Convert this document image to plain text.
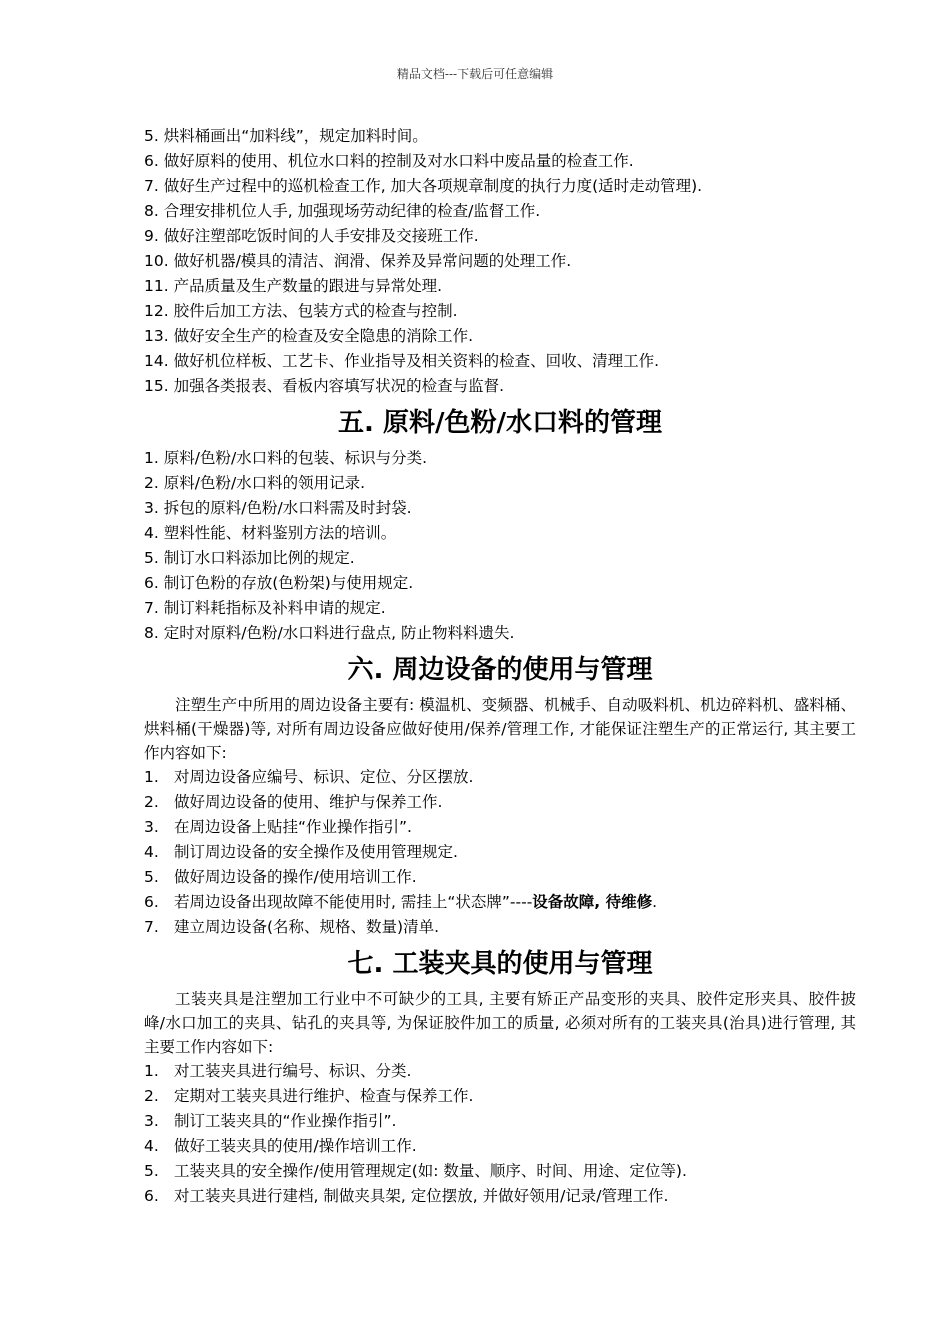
精品文档---下载后可任意编辑
5. 烘料桶画出“加料线”，规定加料时间。
6. 做好原料的使用、机位水口料的控制及对水口料中废品量的检查工作.
7. 做好生产过程中的巡机检查工作, 加大各项规章制度的执行力度(适时走动管理).
8. 合理安排机位人手, 加强现场劳动纪律的检查/监督工作.
9. 做好注塑部吃饭时间的人手安排及交接班工作.
10. 做好机器/模具的清洁、润滑、保养及异常问题的处理工作.
11. 产品质量及生产数量的跟进与异常处理.
12. 胶件后加工方法、包装方式的检查与控制.
13. 做好安全生产的检查及安全隐患的消除工作.
14. 做好机位样板、工艺卡、作业指导及相关资料的检查、回收、清理工作.
15. 加强各类报表、看板内容填写状况的检查与监督.
五. 原料/色粉/水口料的管理
1. 原料/色粉/水口料的包装、标识与分类.
2. 原料/色粉/水口料的领用记录.
3. 拆包的原料/色粉/水口料需及时封袋.
4. 塑料性能、材料鉴别方法的培训。
5. 制订水口料添加比例的规定.
6. 制订色粉的存放(色粉架)与使用规定.
7. 制订料耗指标及补料申请的规定.
8. 定时对原料/色粉/水口料进行盘点, 防止物料料遗失.
六. 周边设备的使用与管理

注塑生产中所用的周边设备主要有: 模温机、变频器、机械手、自动吸料机、机边碎料机、盛料桶、烘料桶(干燥器)等, 对所有周边设备应做好使用/保养/管理工作, 才能保证注塑生产的正常运行, 其主要工作内容如下:

1. 对周边设备应编号、标识、定位、分区摆放.
2. 做好周边设备的使用、维护与保养工作.
3. 在周边设备上贴挂“作业操作指引”.
4. 制订周边设备的安全操作及使用管理规定.
5. 做好周边设备的操作/使用培训工作.
6. 若周边设备出现故障不能使用时, 需挂上“状态牌”----设备故障, 待维修.
7. 建立周边设备(名称、规格、数量)清单.
七. 工装夹具的使用与管理

工装夹具是注塑加工行业中不可缺少的工具, 主要有矫正产品变形的夹具、胶件定形夹具、胶件披峰/水口加工的夹具、钻孔的夹具等, 为保证胶件加工的质量, 必须对所有的工装夹具(治具)进行管理, 其主要工作内容如下:

1. 对工装夹具进行编号、标识、分类.
2. 定期对工装夹具进行维护、检查与保养工作.
3. 制订工装夹具的“作业操作指引”.
4. 做好工装夹具的使用/操作培训工作.
5. 工装夹具的安全操作/使用管理规定(如: 数量、顺序、时间、用途、定位等).
6. 对工装夹具进行建档, 制做夹具架, 定位摆放, 并做好领用/记录/管理工作.
